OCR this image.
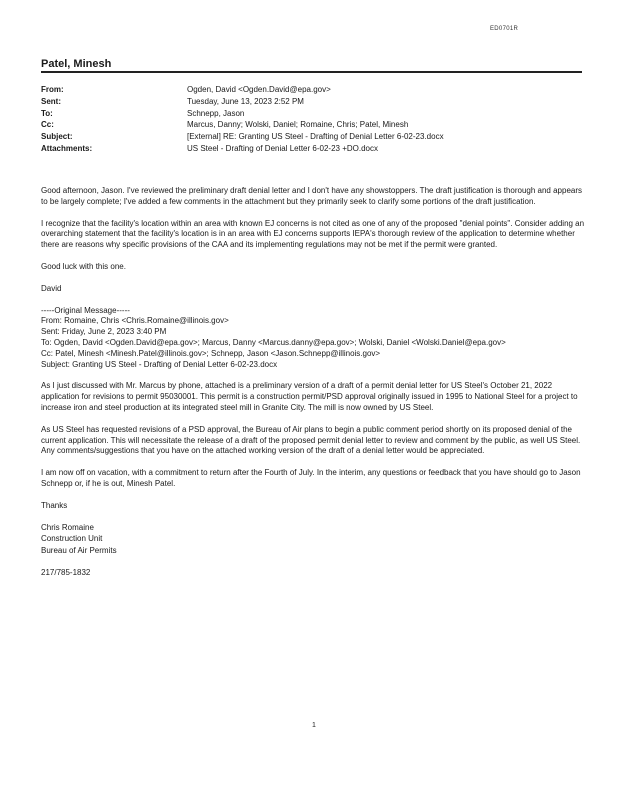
ED0701R
Patel, Minesh
From:	Ogden, David <Ogden.David@epa.gov>
Sent:	Tuesday, June 13, 2023 2:52 PM
To:	Schnepp, Jason
Cc:	Marcus, Danny; Wolski, Daniel; Romaine, Chris; Patel, Minesh
Subject:	[External] RE: Granting US Steel - Drafting of Denial Letter 6-02-23.docx
Attachments:	US Steel - Drafting of Denial Letter 6-02-23 +DO.docx

Good afternoon, Jason. I've reviewed the preliminary draft denial letter and I don't have any showstoppers. The draft justification is thorough and appears to be largely complete; I've added a few comments in the attachment but they primarily seek to clarify some portions of the draft justification.

I recognize that the facility's location within an area with known EJ concerns is not cited as one of any of the proposed "denial points". Consider adding an overarching statement that the facility's location is in an area with EJ concerns supports IEPA's thorough review of the application to determine whether there are reasons why specific provisions of the CAA and its implementing regulations may not be met if the permit were granted.

Good luck with this one.

David

-----Original Message-----
From: Romaine, Chris <Chris.Romaine@illinois.gov>
Sent: Friday, June 2, 2023 3:40 PM
To: Ogden, David <Ogden.David@epa.gov>; Marcus, Danny <Marcus.danny@epa.gov>; Wolski, Daniel <Wolski.Daniel@epa.gov>
Cc: Patel, Minesh <Minesh.Patel@illinois.gov>; Schnepp, Jason <Jason.Schnepp@illinois.gov>
Subject: Granting US Steel - Drafting of Denial Letter 6-02-23.docx

As I just discussed with Mr. Marcus by phone, attached is a preliminary version of a draft of a permit denial letter for US Steel's October 21, 2022 application for revisions to permit 95030001. This permit is a construction permit/PSD approval originally issued in 1995 to National Steel for a project to increase iron and steel production at its integrated steel mill in Granite City. The mill is now owned by US Steel.

As US Steel has requested revisions of a PSD approval, the Bureau of Air plans to begin a public comment period shortly on its proposed denial of the current application. This will necessitate the release of a draft of the proposed permit denial letter to review and comment by the public, as well US Steel. Any comments/suggestions that you have on the attached working version of the draft of a denial letter would be appreciated.

I am now off on vacation, with a commitment to return after the Fourth of July. In the interim, any questions or feedback that you have should go to Jason Schnepp or, if he is out, Minesh Patel.

Thanks

Chris Romaine
Construction Unit
Bureau of Air Permits
217/785-1832
1
